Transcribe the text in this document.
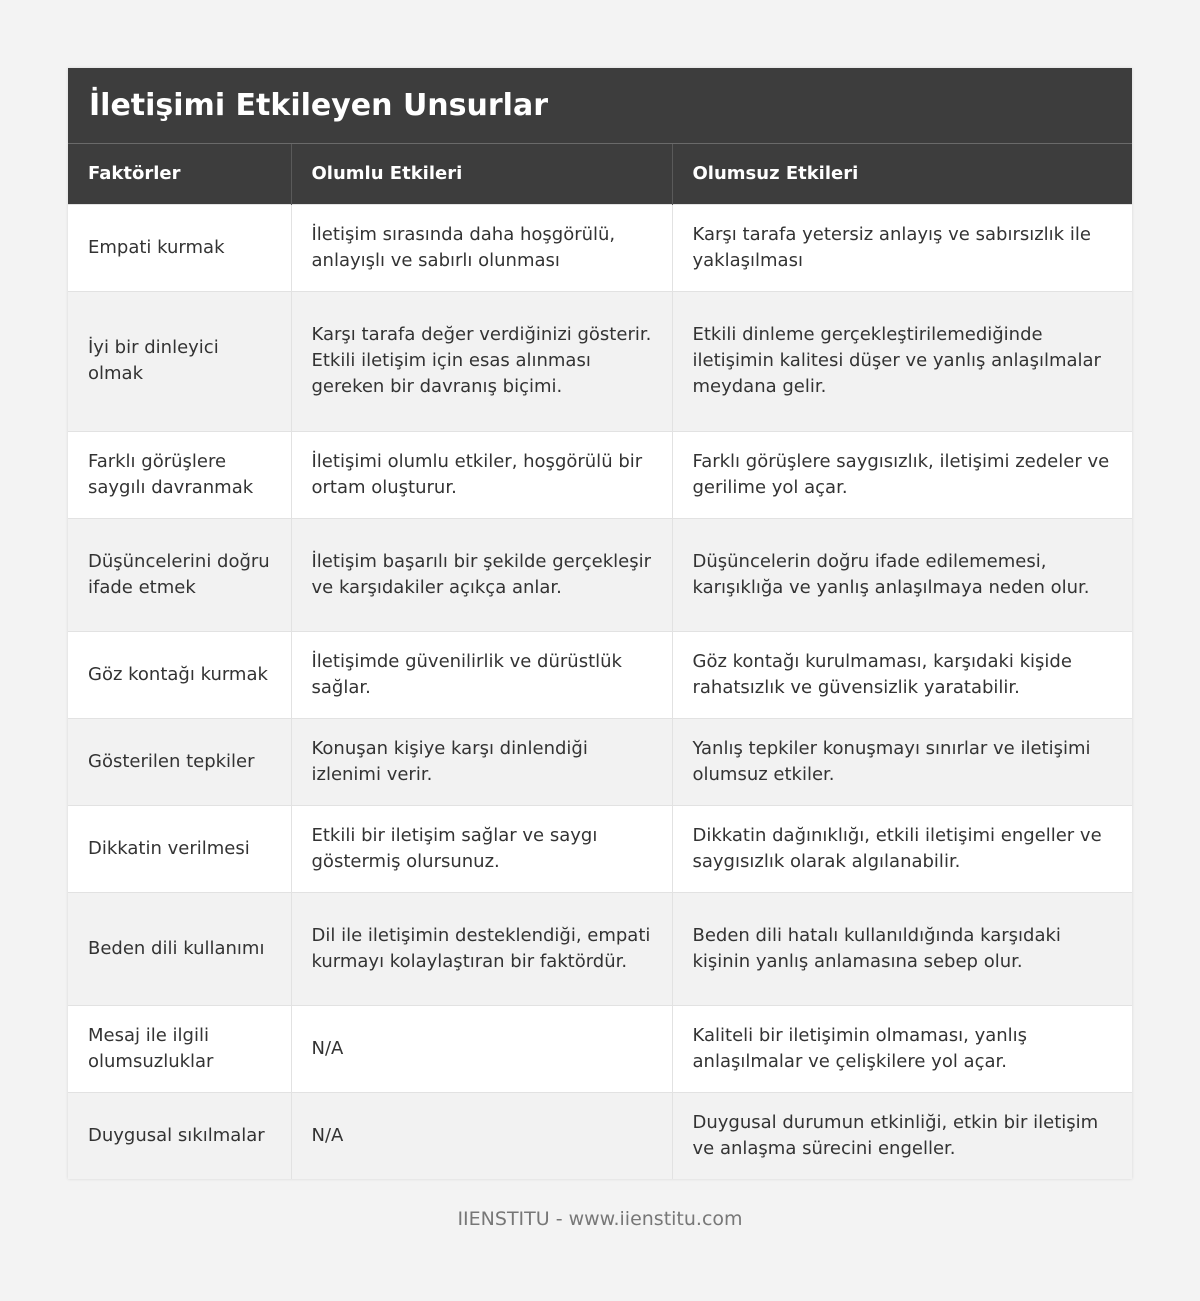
İletişimi Etkileyen Unsurlar
Faktörler	Olumlu Etkileri	Olumsuz Etkileri
Empati kurmak	İletişim sırasında daha hoşgörülü, anlayışlı ve sabırlı olunması	Karşı tarafa yetersiz anlayış ve sabırsızlık ile yaklaşılması
İyi bir dinleyici olmak	Karşı tarafa değer verdiğinizi gösterir. Etkili iletişim için esas alınması gereken bir davranış biçimi.	Etkili dinleme gerçekleştirilemediğinde iletişimin kalitesi düşer ve yanlış anlaşılmalar meydana gelir.
Farklı görüşlere saygılı davranmak	İletişimi olumlu etkiler, hoşgörülü bir ortam oluşturur.	Farklı görüşlere saygısızlık, iletişimi zedeler ve gerilime yol açar.
Düşüncelerini doğru ifade etmek	İletişim başarılı bir şekilde gerçekleşir ve karşıdakiler açıkça anlar.	Düşüncelerin doğru ifade edilememesi, karışıklığa ve yanlış anlaşılmaya neden olur.
Göz kontağı kurmak	İletişimde güvenilirlik ve dürüstlük sağlar.	Göz kontağı kurulmaması, karşıdaki kişide rahatsızlık ve güvensizlik yaratabilir.
Gösterilen tepkiler	Konuşan kişiye karşı dinlendiği izlenimi verir.	Yanlış tepkiler konuşmayı sınırlar ve iletişimi olumsuz etkiler.
Dikkatin verilmesi	Etkili bir iletişim sağlar ve saygı göstermiş olursunuz.	Dikkatin dağınıklığı, etkili iletişimi engeller ve saygısızlık olarak algılanabilir.
Beden dili kullanımı	Dil ile iletişimin desteklendiği, empati kurmayı kolaylaştıran bir faktördür.	Beden dili hatalı kullanıldığında karşıdaki kişinin yanlış anlamasına sebep olur.
Mesaj ile ilgili olumsuzluklar	N/A	Kaliteli bir iletişimin olmaması, yanlış anlaşılmalar ve çelişkilere yol açar.
Duygusal sıkılmalar	N/A	Duygusal durumun etkinliği, etkin bir iletişim ve anlaşma sürecini engeller.
IIENSTITU - www.iienstitu.com
